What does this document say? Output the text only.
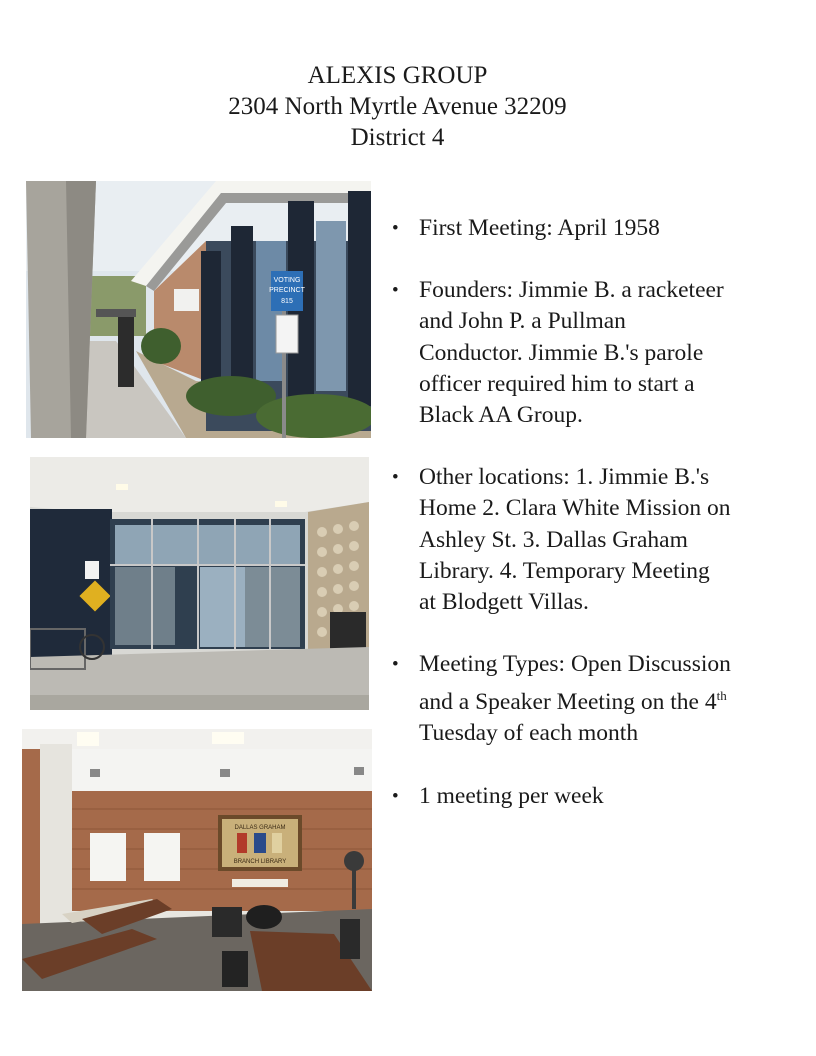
ALEXIS GROUP
2304 North Myrtle Avenue 32209
District 4
VOTING
PRECINCT
815
DALLAS GRAHAM
BRANCH LIBRARY
• First Meeting: April 1958
• Founders: Jimmie B. a racketeer and John P. a Pullman Conductor. Jimmie B.'s parole officer required him to start a Black AA Group.
• Other locations: 1. Jimmie B.'s Home 2. Clara White Mission on Ashley St. 3. Dallas Graham Library. 4. Temporary Meeting at Blodgett Villas.
• Meeting Types: Open Discussion and a Speaker Meeting on the 4th Tuesday of each month
• 1 meeting per week
